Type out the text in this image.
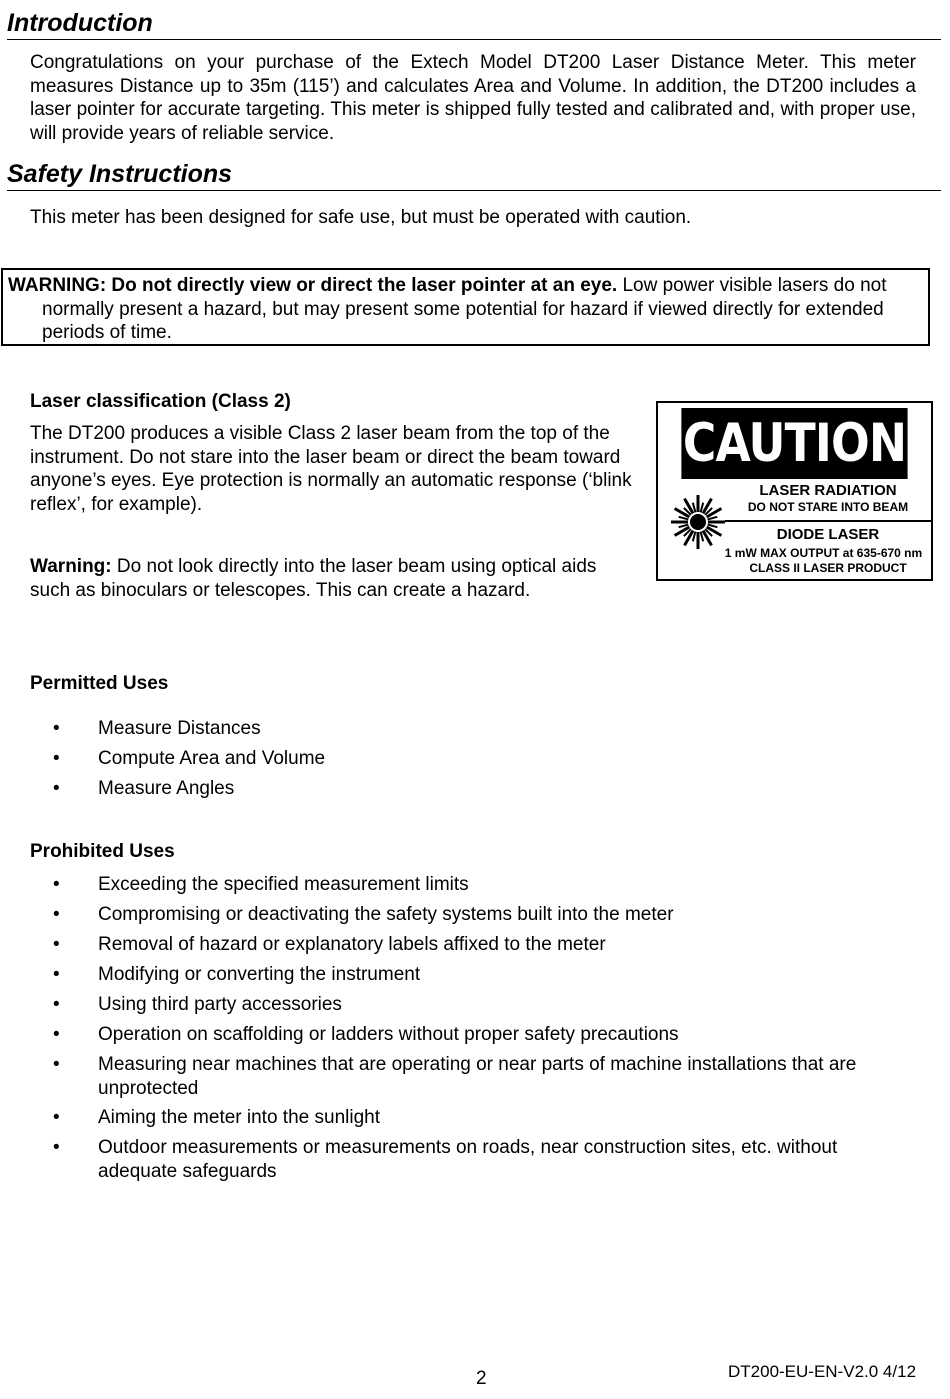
Introduction
Congratulations on your purchase of the Extech Model DT200 Laser Distance Meter. This meter measures Distance up to 35m (115’) and calculates Area and Volume. In addition, the DT200 includes a laser pointer for accurate targeting. This meter is shipped fully tested and calibrated and, with proper use, will provide years of reliable service.
Safety Instructions
This meter has been designed for safe use, but must be operated with caution.

WARNING: Do not directly view or direct the laser pointer at an eye. Low power visible lasers do not normally present a hazard, but may present some potential for hazard if viewed directly for extended periods of time.

Laser classification (Class 2)
The DT200 produces a visible Class 2 laser beam from the top of the instrument. Do not stare into the laser beam or direct the beam toward anyone’s eyes. Eye protection is normally an automatic response (‘blink reflex’, for example).
Warning: Do not look directly into the laser beam using optical aids such as binoculars or telescopes. This can create a hazard.
CAUTION
LASER RADIATION
DO NOT STARE INTO BEAM
DIODE LASER
1 mW MAX OUTPUT at 635-670 nm
CLASS II LASER PRODUCT
Permitted Uses
• Measure Distances
• Compute Area and Volume
• Measure Angles
Prohibited Uses
• Exceeding the specified measurement limits
• Compromising or deactivating the safety systems built into the meter
• Removal of hazard or explanatory labels affixed to the meter
• Modifying or converting the instrument
• Using third party accessories
• Operation on scaffolding or ladders without proper safety precautions
• Measuring near machines that are operating or near parts of machine installations that are unprotected
• Aiming the meter into the sunlight
• Outdoor measurements or measurements on roads, near construction sites, etc. without adequate safeguards
2	DT200-EU-EN-V2.0 4/12
